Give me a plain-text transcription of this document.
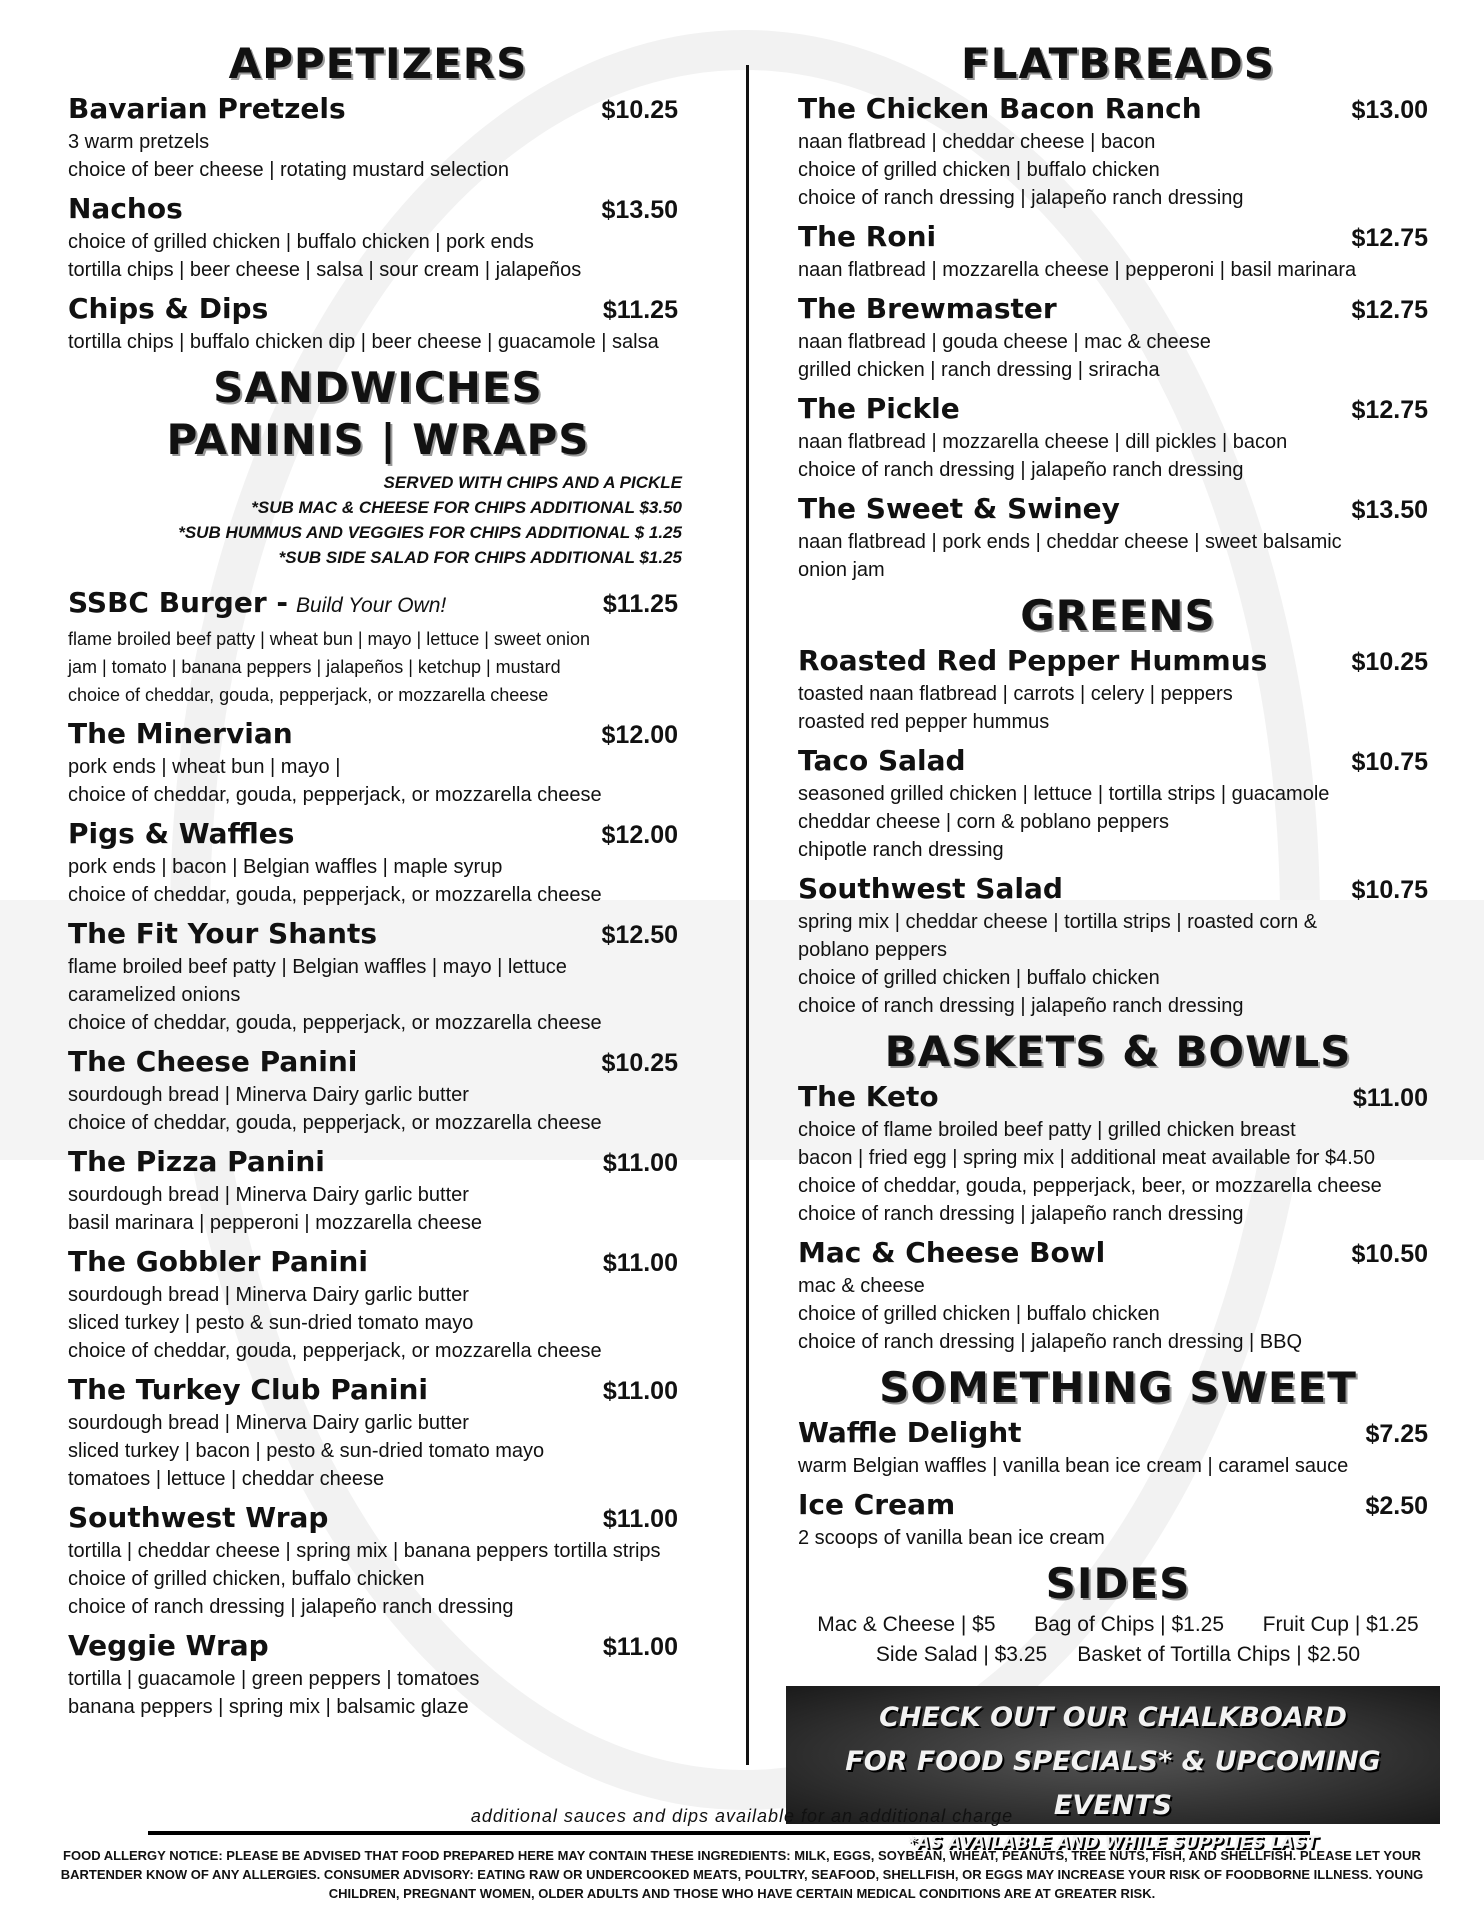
APPETIZERS
Bavarian Pretzels	$10.25
3 warm pretzels
choice of beer cheese | rotating mustard selection
Nachos	$13.50
choice of grilled chicken | buffalo chicken | pork ends
tortilla chips | beer cheese | salsa | sour cream | jalapeños
Chips & Dips	$11.25
tortilla chips | buffalo chicken dip | beer cheese | guacamole | salsa
SANDWICHES
PANINIS | WRAPS
SERVED WITH CHIPS AND A PICKLE
*SUB MAC & CHEESE FOR CHIPS ADDITIONAL $3.50
*SUB HUMMUS AND VEGGIES FOR CHIPS ADDITIONAL $ 1.25
*SUB SIDE SALAD FOR CHIPS ADDITIONAL $1.25
SSBC Burger - Build Your Own!	$11.25
flame broiled beef patty | wheat bun | mayo | lettuce | sweet onion
jam | tomato | banana peppers | jalapeños | ketchup | mustard
choice of cheddar, gouda, pepperjack, or mozzarella cheese
The Minervian	$12.00
pork ends | wheat bun | mayo |
choice of cheddar, gouda, pepperjack, or mozzarella cheese
Pigs & Waffles	$12.00
pork ends | bacon | Belgian waffles | maple syrup
choice of cheddar, gouda, pepperjack, or mozzarella cheese
The Fit Your Shants	$12.50
flame broiled beef patty | Belgian waffles | mayo | lettuce
caramelized onions
choice of cheddar, gouda, pepperjack, or mozzarella cheese
The Cheese Panini	$10.25
sourdough bread | Minerva Dairy garlic butter
choice of cheddar, gouda, pepperjack, or mozzarella cheese
The Pizza Panini	$11.00
sourdough bread | Minerva Dairy garlic butter
basil marinara | pepperoni | mozzarella cheese
The Gobbler Panini	$11.00
sourdough bread | Minerva Dairy garlic butter
sliced turkey | pesto & sun-dried tomato mayo
choice of cheddar, gouda, pepperjack, or mozzarella cheese
The Turkey Club Panini	$11.00
sourdough bread | Minerva Dairy garlic butter
sliced turkey | bacon | pesto & sun-dried tomato mayo
tomatoes | lettuce | cheddar cheese
Southwest Wrap	$11.00
tortilla | cheddar cheese | spring mix | banana peppers tortilla strips
choice of grilled chicken, buffalo chicken
choice of ranch dressing | jalapeño ranch dressing
Veggie Wrap	$11.00
tortilla | guacamole | green peppers | tomatoes
banana peppers | spring mix | balsamic glaze
FLATBREADS
The Chicken Bacon Ranch	$13.00
naan flatbread | cheddar cheese | bacon
choice of grilled chicken | buffalo chicken
choice of ranch dressing | jalapeño ranch dressing
The Roni	$12.75
naan flatbread | mozzarella cheese | pepperoni | basil marinara
The Brewmaster	$12.75
naan flatbread | gouda cheese | mac & cheese
grilled chicken | ranch dressing | sriracha
The Pickle	$12.75
naan flatbread | mozzarella cheese | dill pickles | bacon
choice of ranch dressing | jalapeño ranch dressing
The Sweet & Swiney	$13.50
naan flatbread | pork ends | cheddar cheese | sweet balsamic
onion jam
GREENS
Roasted Red Pepper Hummus	$10.25
toasted naan flatbread | carrots | celery | peppers
roasted red pepper hummus
Taco Salad	$10.75
seasoned grilled chicken | lettuce | tortilla strips | guacamole
cheddar cheese | corn & poblano peppers
chipotle ranch dressing
Southwest Salad	$10.75
spring mix | cheddar cheese | tortilla strips | roasted corn &
poblano peppers
choice of grilled chicken | buffalo chicken
choice of ranch dressing | jalapeño ranch dressing
BASKETS & BOWLS
The Keto	$11.00
choice of flame broiled beef patty | grilled chicken breast
bacon | fried egg | spring mix | additional meat available for $4.50
choice of cheddar, gouda, pepperjack, beer, or mozzarella cheese
choice of ranch dressing | jalapeño ranch dressing
Mac & Cheese Bowl	$10.50
mac & cheese
choice of grilled chicken | buffalo chicken
choice of ranch dressing | jalapeño ranch dressing | BBQ
SOMETHING SWEET
Waffle Delight	$7.25
warm Belgian waffles | vanilla bean ice cream | caramel sauce
Ice Cream	$2.50
2 scoops of vanilla bean ice cream
SIDES
Mac & Cheese | $5 Bag of Chips | $1.25 Fruit Cup | $1.25
Side Salad | $3.25 Basket of Tortilla Chips | $2.50
CHECK OUT OUR CHALKBOARD
FOR FOOD SPECIALS* & UPCOMING EVENTS
*AS AVAILABLE AND WHILE SUPPLIES LAST
additional sauces and dips available for an additional charge
FOOD ALLERGY NOTICE: PLEASE BE ADVISED THAT FOOD PREPARED HERE MAY CONTAIN THESE INGREDIENTS: MILK, EGGS, SOYBEAN, WHEAT, PEANUTS, TREE NUTS, FISH, AND SHELLFISH. PLEASE LET YOUR BARTENDER KNOW OF ANY ALLERGIES. CONSUMER ADVISORY: EATING RAW OR UNDERCOOKED MEATS, POULTRY, SEAFOOD, SHELLFISH, OR EGGS MAY INCREASE YOUR RISK OF FOODBORNE ILLNESS. YOUNG CHILDREN, PREGNANT WOMEN, OLDER ADULTS AND THOSE WHO HAVE CERTAIN MEDICAL CONDITIONS ARE AT GREATER RISK.
